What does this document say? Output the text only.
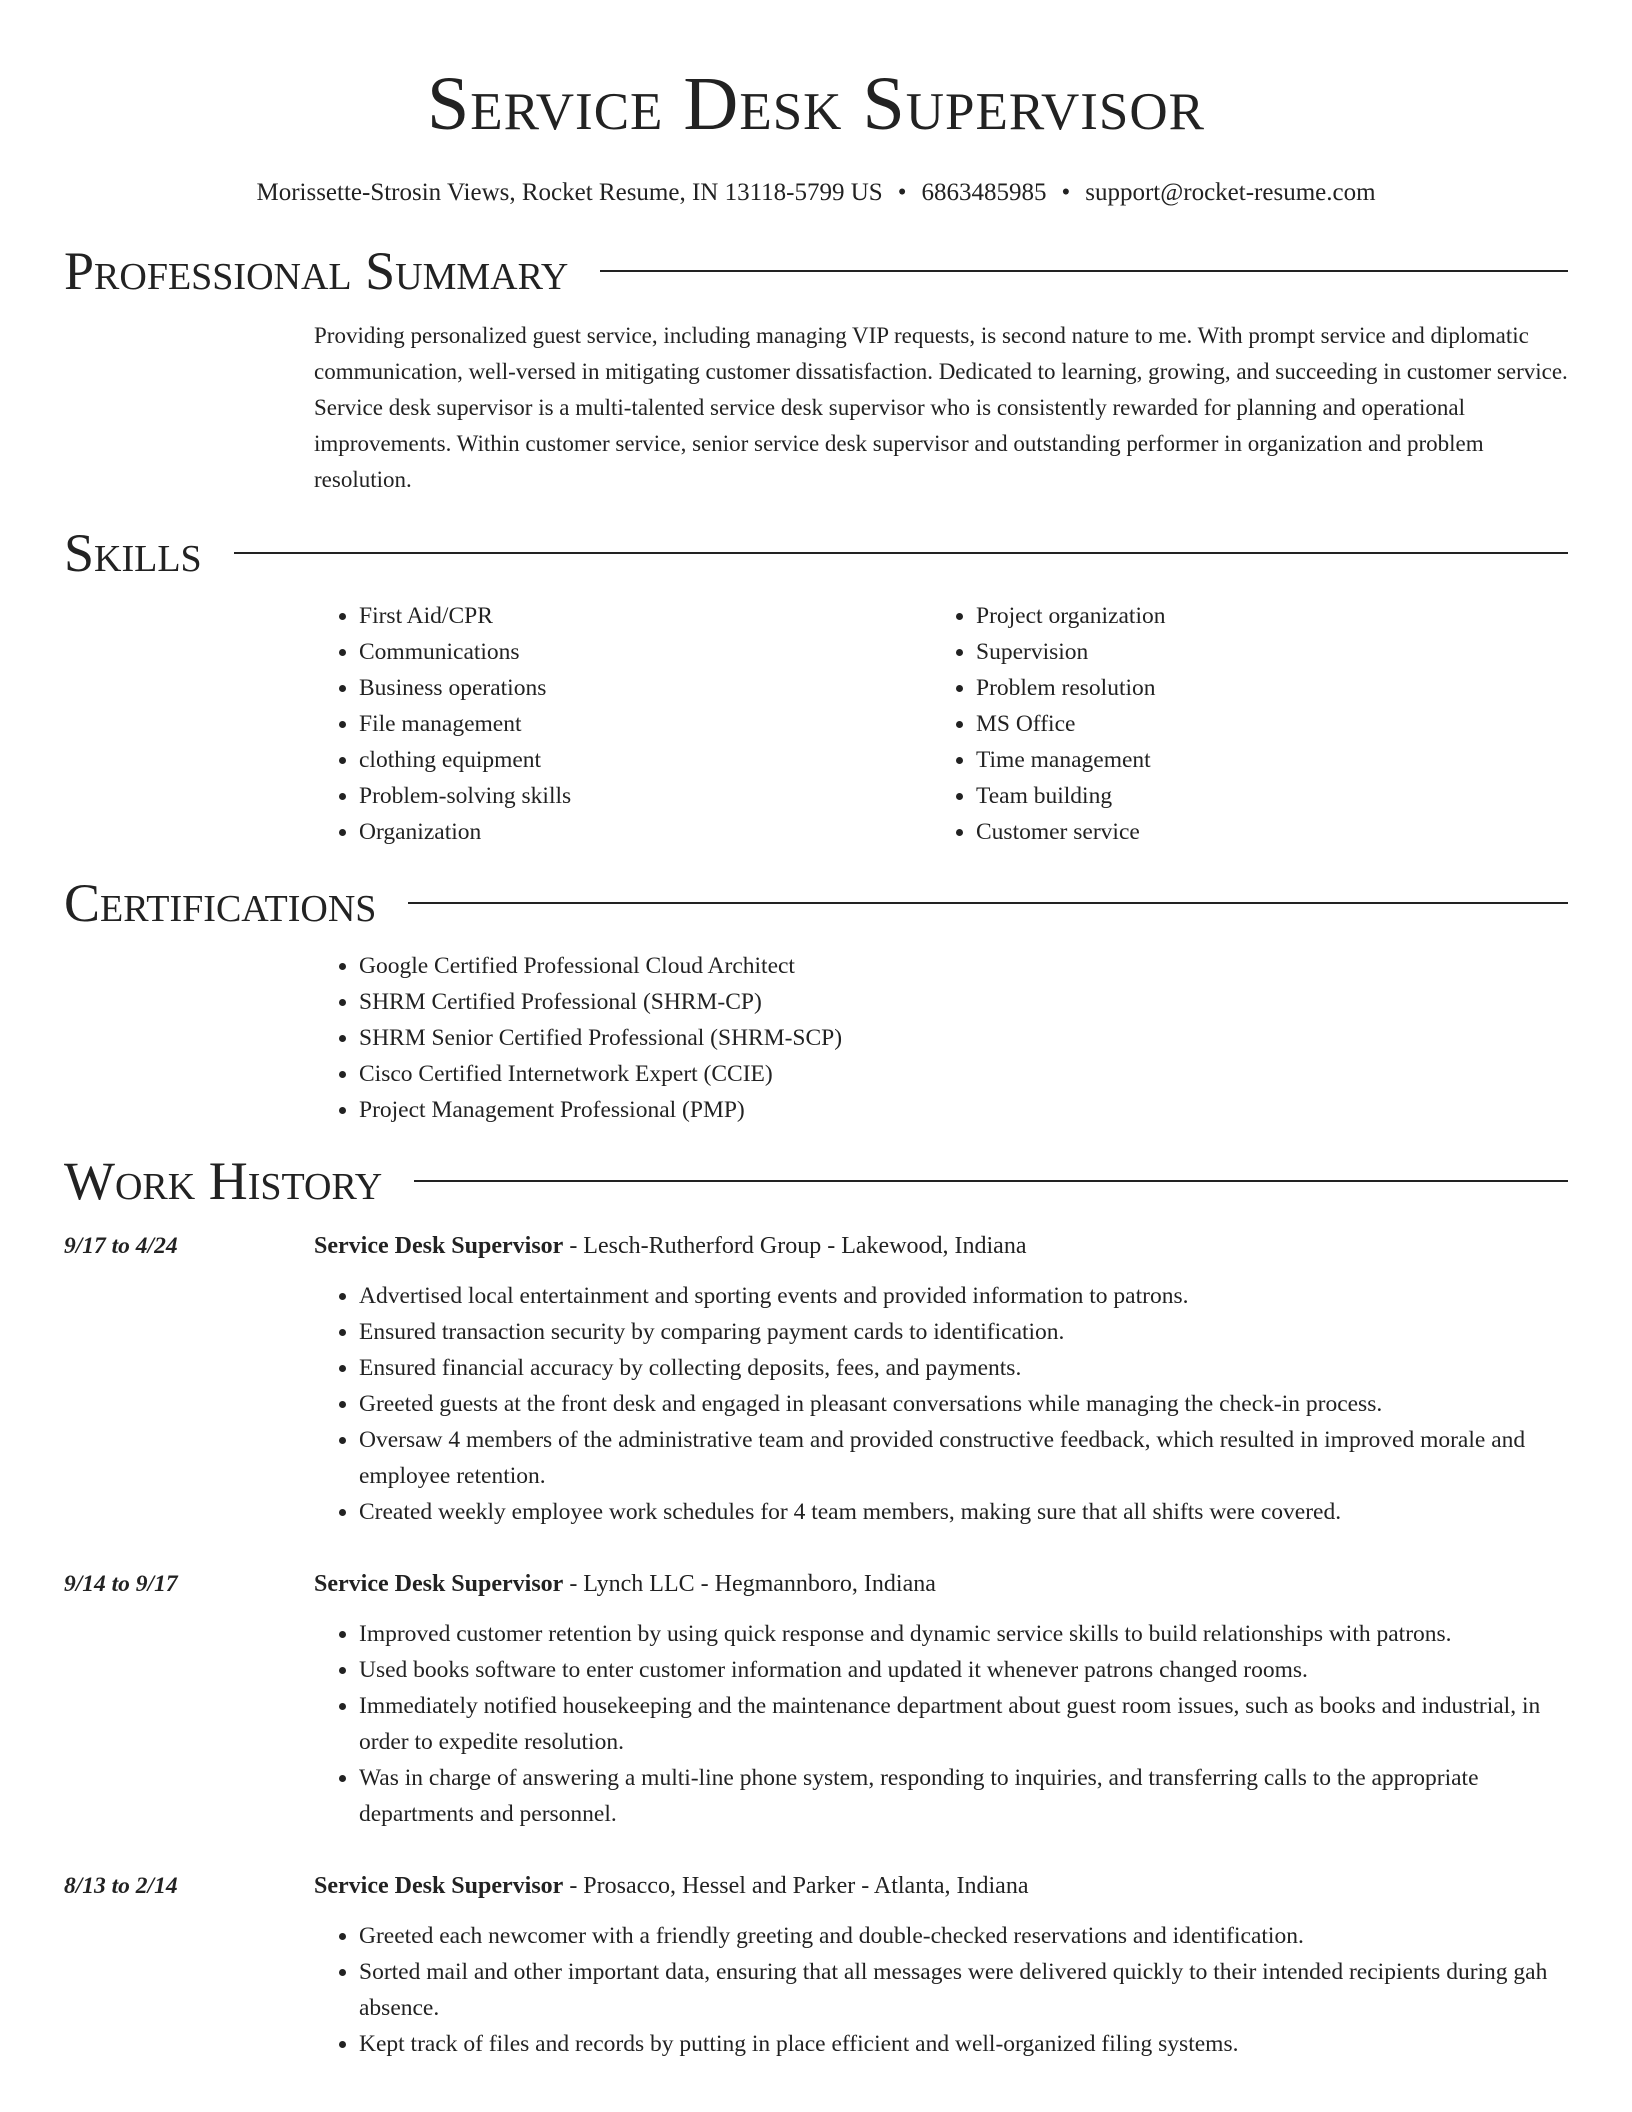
Service Desk Supervisor
Morissette-Strosin Views, Rocket Resume, IN 13118-5799 US • 6863485985 • support@rocket-resume.com
Professional Summary
Providing personalized guest service, including managing VIP requests, is second nature to me. With prompt service and diplomatic communication, well-versed in mitigating customer dissatisfaction. Dedicated to learning, growing, and succeeding in customer service. Service desk supervisor is a multi-talented service desk supervisor who is consistently rewarded for planning and operational improvements. Within customer service, senior service desk supervisor and outstanding performer in organization and problem resolution.
Skills
• First Aid/CPR
• Communications
• Business operations
• File management
• clothing equipment
• Problem-solving skills
• Organization
• Project organization
• Supervision
• Problem resolution
• MS Office
• Time management
• Team building
• Customer service
Certifications
• Google Certified Professional Cloud Architect
• SHRM Certified Professional (SHRM-CP)
• SHRM Senior Certified Professional (SHRM-SCP)
• Cisco Certified Internetwork Expert (CCIE)
• Project Management Professional (PMP)
Work History
9/17 to 4/24	Service Desk Supervisor - Lesch-Rutherford Group - Lakewood, Indiana
• Advertised local entertainment and sporting events and provided information to patrons.
• Ensured transaction security by comparing payment cards to identification.
• Ensured financial accuracy by collecting deposits, fees, and payments.
• Greeted guests at the front desk and engaged in pleasant conversations while managing the check-in process.
• Oversaw 4 members of the administrative team and provided constructive feedback, which resulted in improved morale and employee retention.
• Created weekly employee work schedules for 4 team members, making sure that all shifts were covered.
9/14 to 9/17	Service Desk Supervisor - Lynch LLC - Hegmannboro, Indiana
• Improved customer retention by using quick response and dynamic service skills to build relationships with patrons.
• Used books software to enter customer information and updated it whenever patrons changed rooms.
• Immediately notified housekeeping and the maintenance department about guest room issues, such as books and industrial, in order to expedite resolution.
• Was in charge of answering a multi-line phone system, responding to inquiries, and transferring calls to the appropriate departments and personnel.
8/13 to 2/14	Service Desk Supervisor - Prosacco, Hessel and Parker - Atlanta, Indiana
• Greeted each newcomer with a friendly greeting and double-checked reservations and identification.
• Sorted mail and other important data, ensuring that all messages were delivered quickly to their intended recipients during gah absence.
• Kept track of files and records by putting in place efficient and well-organized filing systems.
